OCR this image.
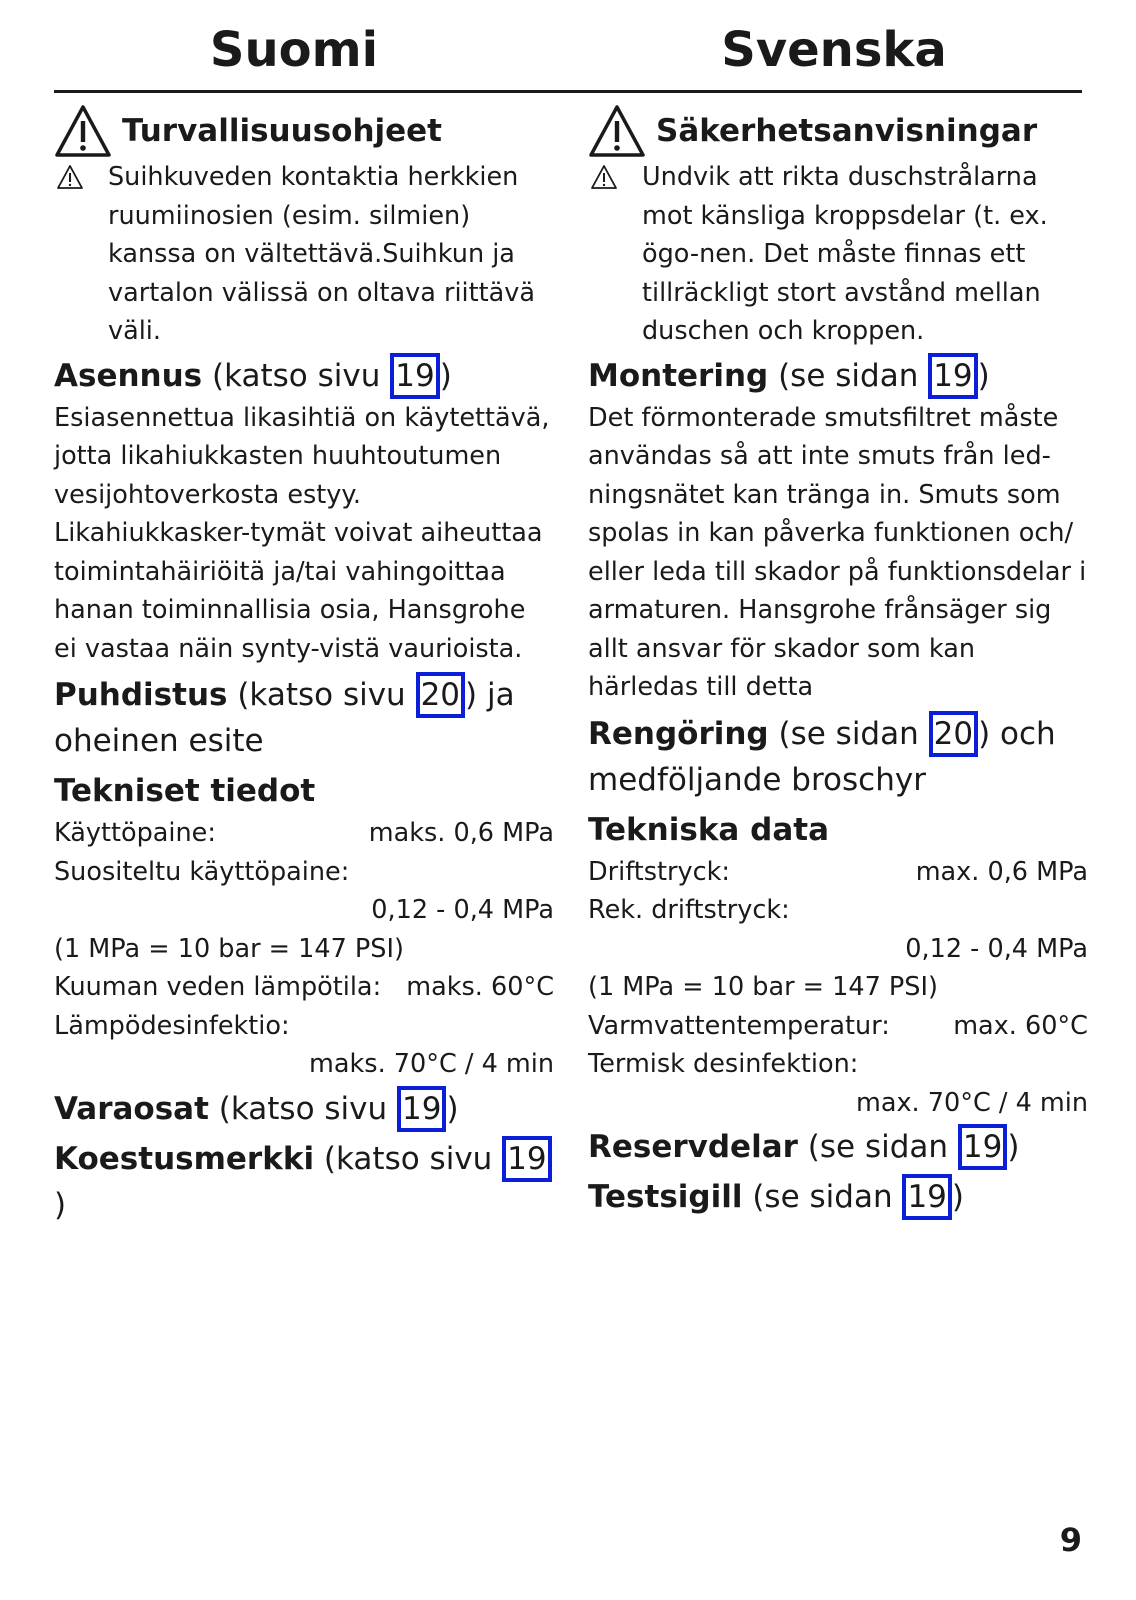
Suomi	Svenska
Turvallisuusohjeet
Suihkuveden kontaktia herkkien ruumiinosien (esim. silmien) kanssa on vältettävä.Suihkun ja vartalon välissä on oltava riittävä väli.
Asennus (katso sivu 19 )
Esiasennettua likasihtiä on käytettävä, jotta likahiukkasten huuhtoutumen vesijohtoverkosta estyy. Likahiukkasker-tymät voivat aiheuttaa toimintahäiriöitä ja/tai vahingoittaa hanan toiminnallisia osia, Hansgrohe ei vastaa näin synty-vistä vaurioista.
Puhdistus (katso sivu 20 ) ja oheinen esite
Tekniset tiedot
Käyttöpaine:	maks. 0,6 MPa
Suositeltu käyttöpaine:
0,12 - 0,4 MPa
(1 MPa = 10 bar = 147 PSI)
Kuuman veden lämpötila: maks. 60°C
Lämpödesinfektio:
maks. 70°C / 4 min
Varaosat (katso sivu 19 )
Koestusmerkki (katso sivu 19)
Säkerhetsanvisningar
Undvik att rikta duschstrålarna mot känsliga kroppsdelar (t. ex. ögo-nen. Det måste finnas ett tillräckligt stort avstånd mellan duschen och kroppen.
Montering (se sidan 19 )
Det förmonterade smutsfiltret måste användas så att inte smuts från led-ningsnätet kan tränga in. Smuts som spolas in kan påverka funktionen och/ eller leda till skador på funktionsdelar i armaturen. Hansgrohe frånsäger sig allt ansvar för skador som kan härledas till detta
Rengöring (se sidan 20 ) och medföljande broschyr
Tekniska data
Driftstryck:	max. 0,6 MPa
Rek. driftstryck:
0,12 - 0,4 MPa
(1 MPa = 10 bar = 147 PSI)
Varmvattentemperatur: max. 60°C
Termisk desinfektion:
max. 70°C / 4 min
Reservdelar (se sidan 19 )
Testsigill (se sidan 19 )
9
